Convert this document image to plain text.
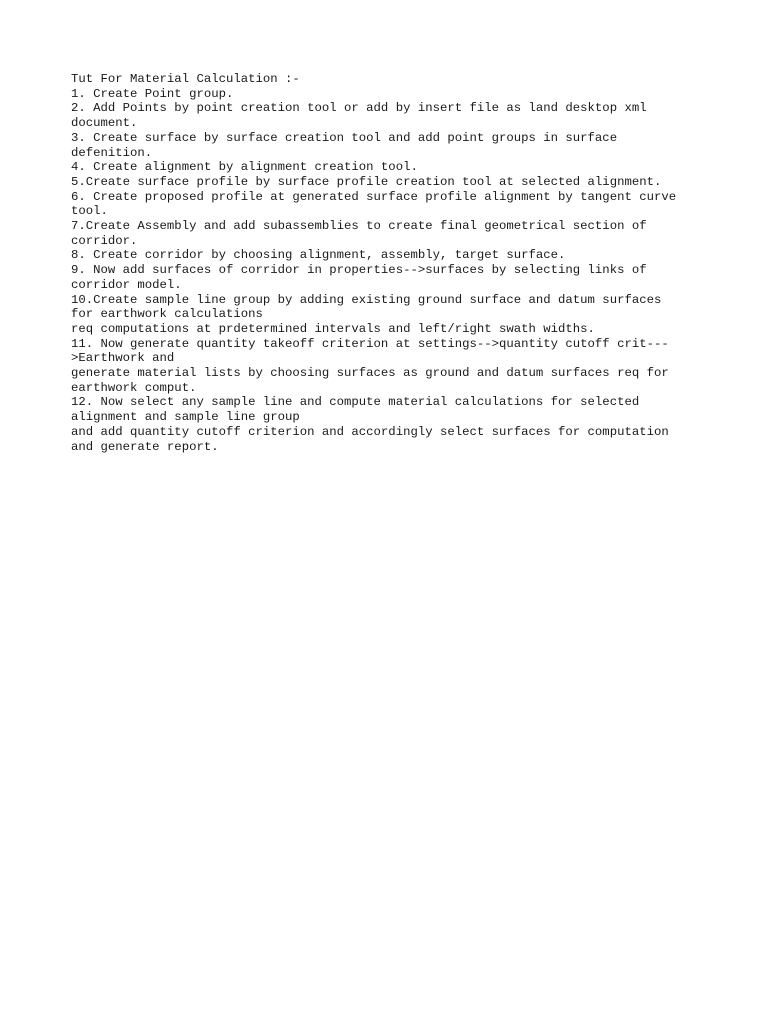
Tut For Material Calculation :-
1. Create Point group.
2. Add Points by point creation tool or add by insert file as land desktop xml
document.
3. Create surface by surface creation tool and add point groups in surface
defenition.
4. Create alignment by alignment creation tool.
5.Create surface profile by surface profile creation tool at selected alignment.
6. Create proposed profile at generated surface profile alignment by tangent curve
tool.
7.Create Assembly and add subassemblies to create final geometrical section of
corridor.
8. Create corridor by choosing alignment, assembly, target surface.
9. Now add surfaces of corridor in properties-->surfaces by selecting links of
corridor model.
10.Create sample line group by adding existing ground surface and datum surfaces
for earthwork calculations
req computations at prdetermined intervals and left/right swath widths.
11. Now generate quantity takeoff criterion at settings-->quantity cutoff crit---
>Earthwork and
generate material lists by choosing surfaces as ground and datum surfaces req for
earthwork comput.
12. Now select any sample line and compute material calculations for selected
alignment and sample line group
and add quantity cutoff criterion and accordingly select surfaces for computation
and generate report.
